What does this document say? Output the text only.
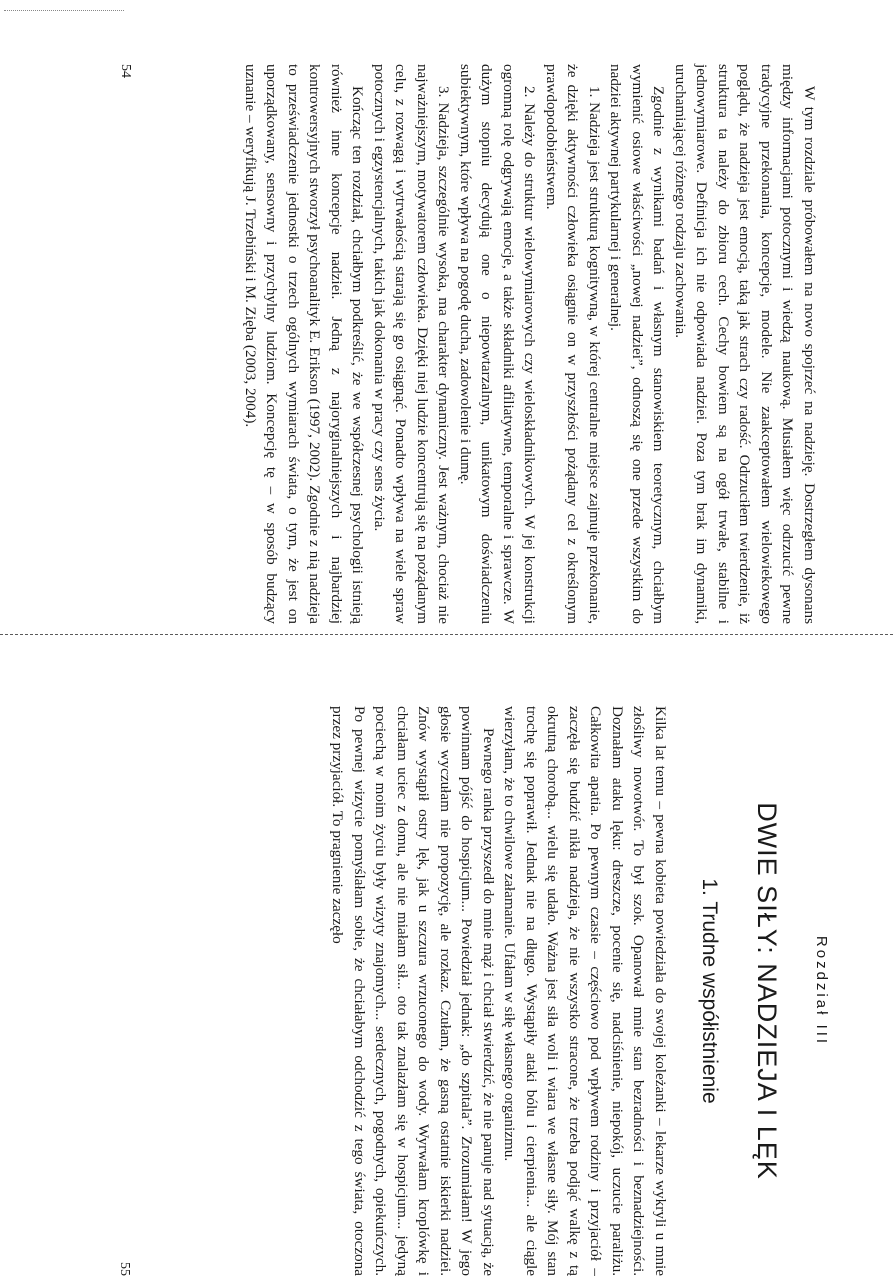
W tym rozdziale próbowałem na nowo spojrzeć na nadzieję. Dostrzegłem dysonans między informacjami potocznymi i wiedzą naukową. Musiałem więc odrzucić pewne tradycyjne przekonania, koncepcje, modele. Nie zaakceptowałem wielowiekowego poglądu, że nadzieja jest emocją, taką jak strach czy radość. Odrzuciłem twierdzenie, iż struktura ta należy do zbioru cech. Cechy bowiem są na ogół trwałe, stabilne i jednowymiarowe. Definicja ich nie odpowiada nadziei. Poza tym brak im dynamiki, uruchamiającej różnego rodzaju zachowania.

Zgodnie z wynikami badań i własnym stanowiskiem teoretycznym, chciałbym wymienić osiowe właściwości „nowej nadziei”, odnoszą się one przede wszystkim do nadziei aktywnej partykularnej i generalnej.

1. Nadzieja jest strukturą kognitywną, w której centralne miejsce zajmuje przekonanie, że dzięki aktywności człowieka osiągnie on w przyszłości pożądany cel z określonym prawdopodobieństwem.

2. Należy do struktur wielowymiarowych czy wieloskładnikowych. W jej konstrukcji ogromną rolę odgrywają emocje, a także składniki afiliatywne, temporalne i sprawcze. W dużym stopniu decydują one o niepowtarzalnym, unikatowym doświadczeniu subiektywnym, które wpływa na pogodę ducha, zadowolenie i dumę.

3. Nadzieja, szczególnie wysoka, ma charakter dynamiczny. Jest ważnym, chociaż nie najważniejszym, motywatorem człowieka. Dzięki niej ludzie koncentrują się na pożądanym celu, z rozwagą i wytrwałością starają się go osiągnąć. Ponadto wpływa na wiele spraw potocznych i egzystencjalnych, takich jak dokonania w pracy czy sens życia.

Kończąc ten rozdział, chciałbym podkreślić, że we współczesnej psychologii istnieją również inne koncepcje nadziei. Jedną z najoryginalniejszych i najbardziej kontrowersyjnych stworzył psychoanalityk E. Erikson (1997, 2002). Zgodnie z nią nadzieja to przeświadczenie jednostki o trzech ogólnych wymiarach świata, o tym, że jest on uporządkowany, sensowny i przychylny ludziom. Koncepcję tę – w sposób budzący uznanie – weryfikują J. Trzebiński i M. Zięba (2003, 2004).

54
Rozdział III
DWIE SIŁY: NADZIEJA I LĘK
1. Trudne współistnienie

Kilka lat temu – pewna kobieta powiedziała do swojej koleżanki – lekarze wykryli u mnie złośliwy nowotwór. To był szok. Opanował mnie stan bezradności i beznadziejności. Doznałam ataku lęku: dreszcze, pocenie się, nadciśnienie, niepokój, uczucie paraliżu. Całkowita apatia. Po pewnym czasie – częściowo pod wpływem rodziny i przyjaciół – zaczęła się budzić nikła nadzieja, że nie wszystko stracone, że trzeba podjąć walkę z tą okrutną chorobą... wielu się udało. Ważna jest siła woli i wiara we własne siły. Mój stan trochę się poprawił. Jednak nie na długo. Wystąpiły ataki bólu i cierpienia... ale ciągle wierzyłam, że to chwilowe załamanie. Ufałam w siłę własnego organizmu.

Pewnego ranka przyszedł do mnie mąż i chciał stwierdzić, że nie panuje nad sytuacją, że powinnam pójść do hospicjum... Powiedział jednak: „do szpitala”. Zrozumiałam! W jego głosie wyczułam nie propozycję, ale rozkaz. Czułam, że gasną ostatnie iskierki nadziei. Znów wystąpił ostry lęk, jak u szczura wrzuconego do wody. Wyrwałam kroplówkę i chciałam uciec z domu, ale nie miałam sił... oto tak znalazłam się w hospicjum... jedyną pociechą w moim życiu były wizyty znajomych... serdecznych, pogodnych, opiekuńczych. Po pewnej wizycie pomyślałam sobie, że chciałabym odchodzić z tego świata, otoczona przez przyjaciół. To pragnienie zaczęło

55
